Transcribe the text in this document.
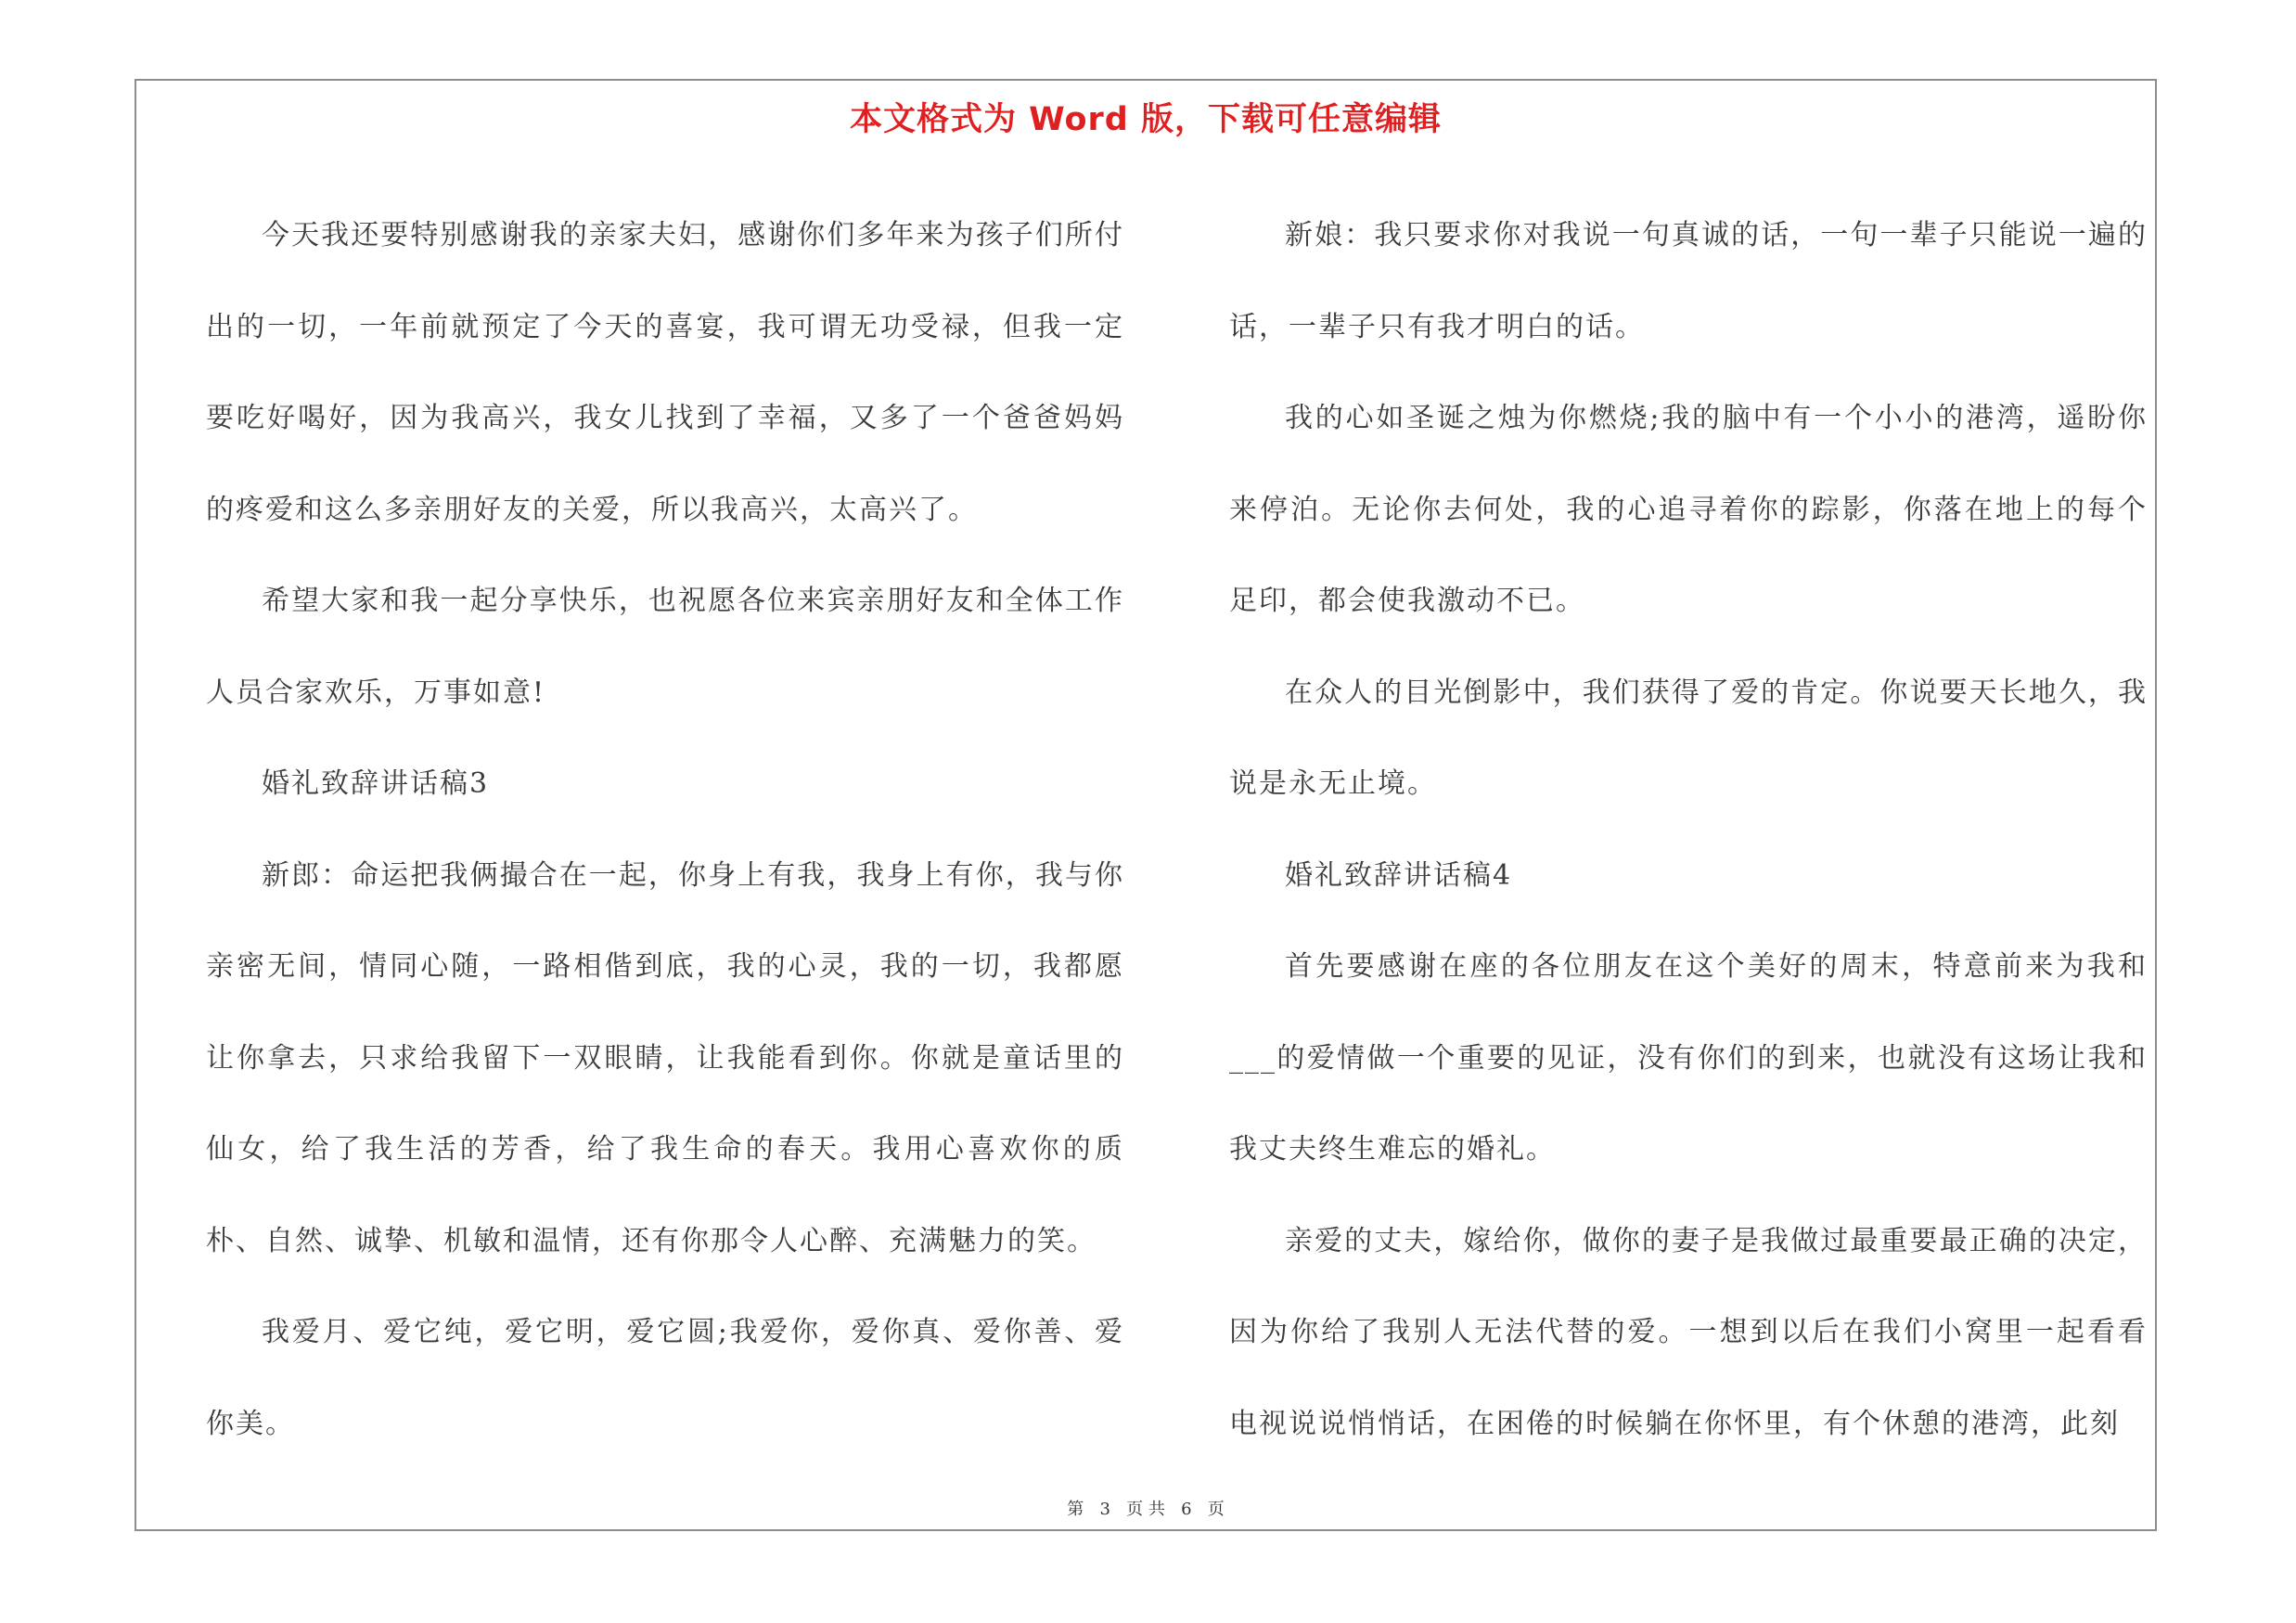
本文格式为 Word 版，下载可任意编辑

今天我还要特别感谢我的亲家夫妇，感谢你们多年来为孩子们所付出的一切，一年前就预定了今天的喜宴，我可谓无功受禄，但我一定要吃好喝好，因为我高兴，我女儿找到了幸福，又多了一个爸爸妈妈的疼爱和这么多亲朋好友的关爱，所以我高兴，太高兴了。

希望大家和我一起分享快乐，也祝愿各位来宾亲朋好友和全体工作人员合家欢乐，万事如意!

婚礼致辞讲话稿3

新郎：命运把我俩撮合在一起，你身上有我，我身上有你，我与你亲密无间，情同心随，一路相偕到底，我的心灵，我的一切，我都愿让你拿去，只求给我留下一双眼睛，让我能看到你。你就是童话里的仙女，给了我生活的芳香，给了我生命的春天。我用心喜欢你的质朴、自然、诚挚、机敏和温情，还有你那令人心醉、充满魅力的笑。

我爱月、爱它纯，爱它明，爱它圆;我爱你，爱你真、爱你善、爱你美。

新娘：我只要求你对我说一句真诚的话，一句一辈子只能说一遍的话，一辈子只有我才明白的话。

我的心如圣诞之烛为你燃烧;我的脑中有一个小小的港湾，遥盼你来停泊。无论你去何处，我的心追寻着你的踪影，你落在地上的每个足印，都会使我激动不已。

在众人的目光倒影中，我们获得了爱的肯定。你说要天长地久，我说是永无止境。

婚礼致辞讲话稿4

首先要感谢在座的各位朋友在这个美好的周末，特意前来为我和___的爱情做一个重要的见证，没有你们的到来，也就没有这场让我和我丈夫终生难忘的婚礼。

亲爱的丈夫，嫁给你，做你的妻子是我做过最重要最正确的决定，因为你给了我别人无法代替的爱。一想到以后在我们小窝里一起看看电视说说悄悄话，在困倦的时候躺在你怀里，有个休憩的港湾，此刻

第 3 页 共 6 页
